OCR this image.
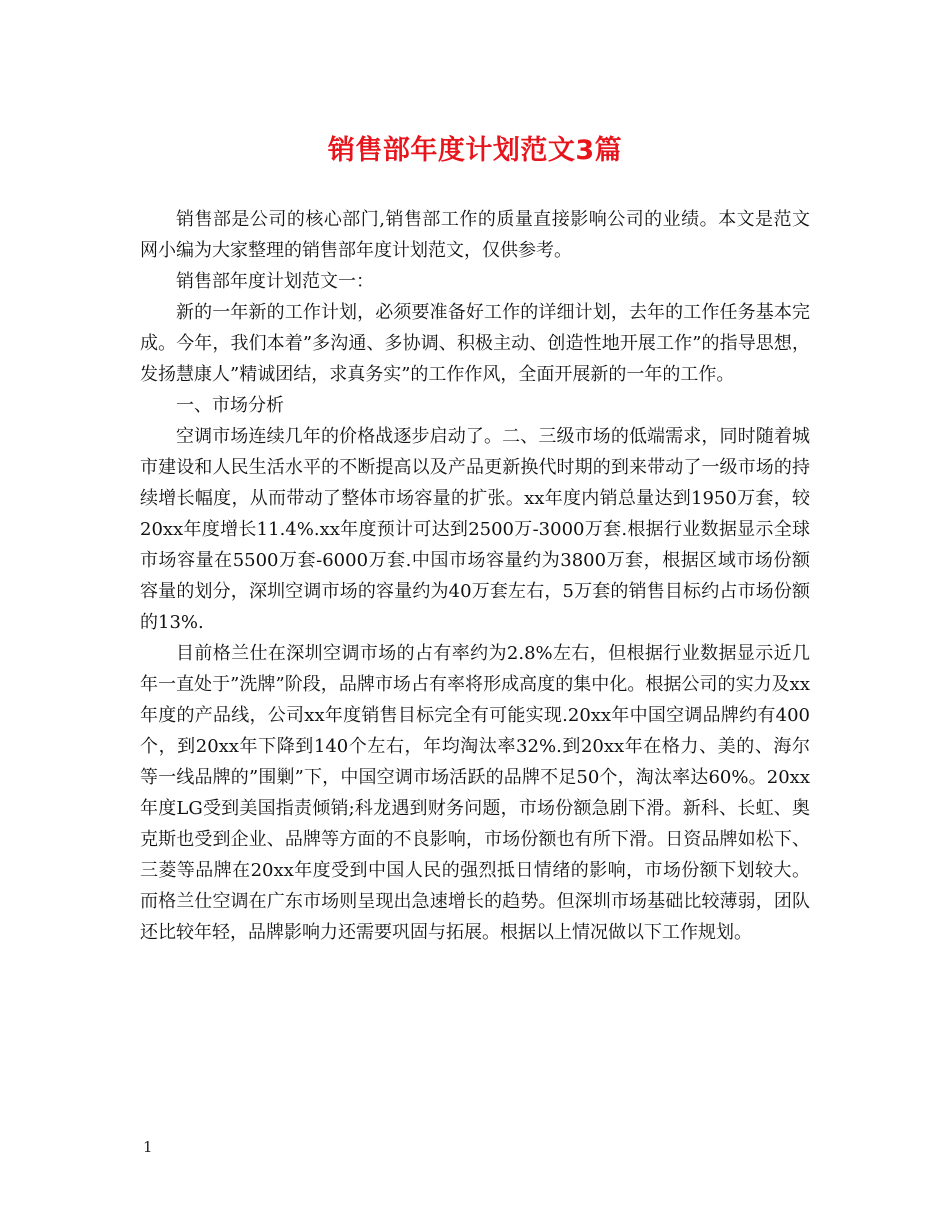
销售部年度计划范文3篇

销售部是公司的核心部门,销售部工作的质量直接影响公司的业绩。本文是范文网小编为大家整理的销售部年度计划范文，仅供参考。

销售部年度计划范文一：

新的一年新的工作计划，必须要准备好工作的详细计划，去年的工作任务基本完成。今年，我们本着”多沟通、多协调、积极主动、创造性地开展工作”的指导思想，发扬慧康人”精诚团结，求真务实”的工作作风，全面开展新的一年的工作。

一、市场分析

空调市场连续几年的价格战逐步启动了。二、三级市场的低端需求，同时随着城市建设和人民生活水平的不断提高以及产品更新换代时期的到来带动了一级市场的持续增长幅度，从而带动了整体市场容量的扩张。xx年度内销总量达到1950万套，较20xx年度增长11.4%.xx年度预计可达到2500万-3000万套.根据行业数据显示全球市场容量在5500万套-6000万套.中国市场容量约为3800万套，根据区域市场份额容量的划分，深圳空调市场的容量约为40万套左右，5万套的销售目标约占市场份额的13%.

目前格兰仕在深圳空调市场的占有率约为2.8%左右，但根据行业数据显示近几年一直处于”洗牌”阶段，品牌市场占有率将形成高度的集中化。根据公司的实力及xx年度的产品线，公司xx年度销售目标完全有可能实现.20xx年中国空调品牌约有400个，到20xx年下降到140个左右，年均淘汰率32%.到20xx年在格力、美的、海尔等一线品牌的”围剿”下，中国空调市场活跃的品牌不足50个，淘汰率达60%。20xx年度LG受到美国指责倾销;科龙遇到财务问题，市场份额急剧下滑。新科、长虹、奥克斯也受到企业、品牌等方面的不良影响，市场份额也有所下滑。日资品牌如松下、三菱等品牌在20xx年度受到中国人民的强烈抵日情绪的影响，市场份额下划较大。而格兰仕空调在广东市场则呈现出急速增长的趋势。但深圳市场基础比较薄弱，团队还比较年轻，品牌影响力还需要巩固与拓展。根据以上情况做以下工作规划。

1
